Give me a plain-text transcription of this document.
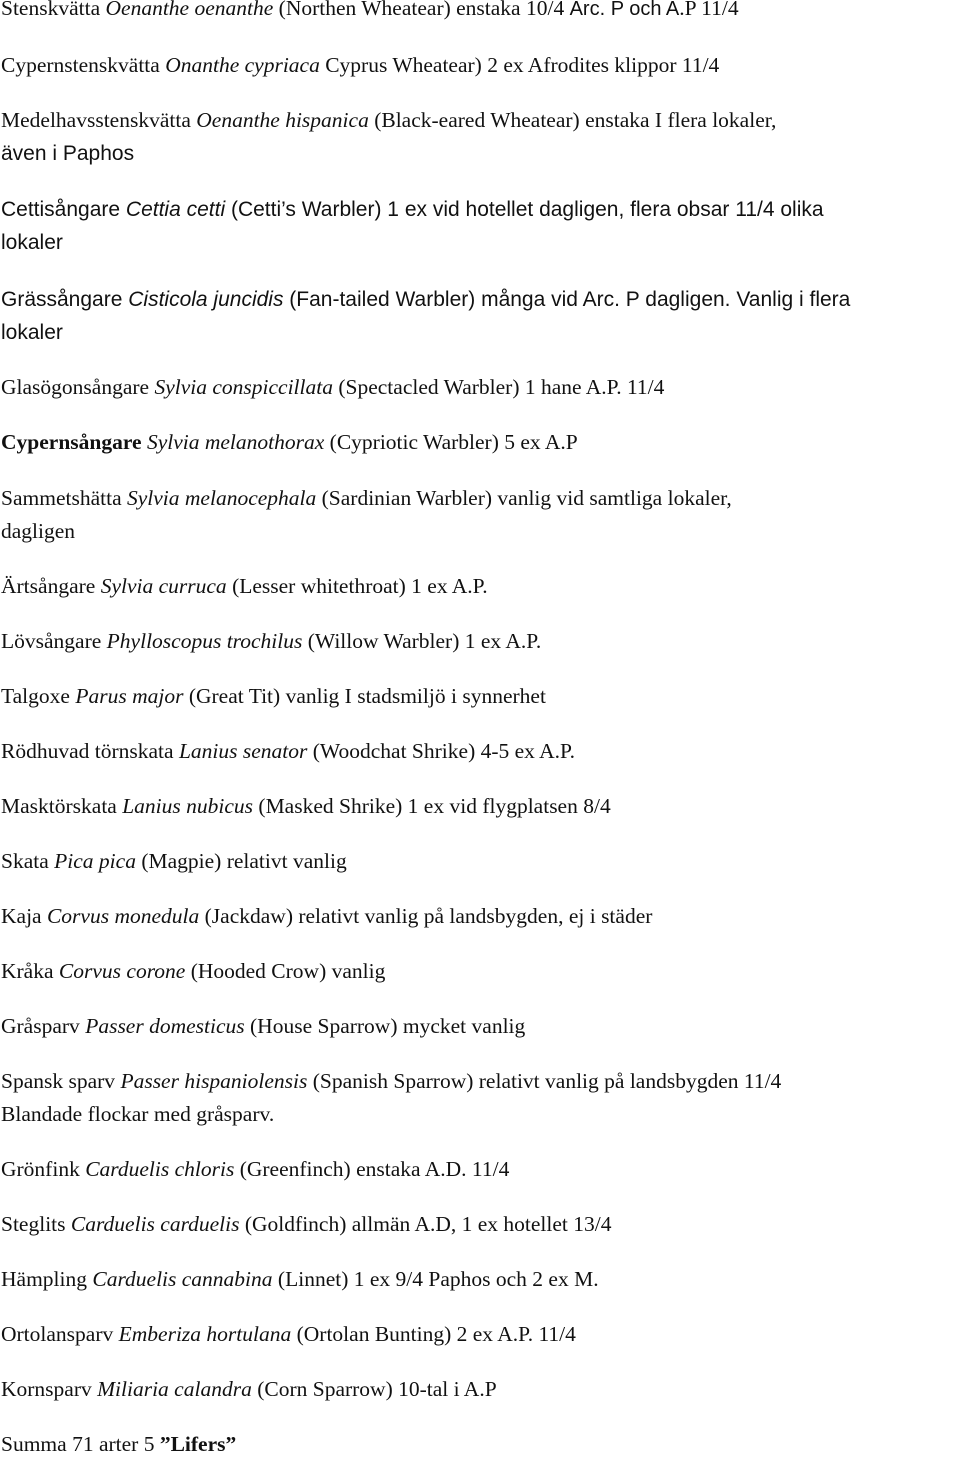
Stenskvätta Oenanthe oenanthe (Northen Wheatear) enstaka 10/4 Arc. P och A.P 11/4
Cypernstenskvätta Onanthe cypriaca Cyprus Wheatear) 2 ex Afrodites klippor 11/4
Medelhavsstenskvätta Oenanthe hispanica (Black-eared Wheatear) enstaka I flera lokaler,
även i Paphos
Cettisångare Cettia cetti (Cetti’s Warbler) 1 ex vid hotellet dagligen, flera obsar 11/4 olika
lokaler
Grässångare Cisticola juncidis (Fan-tailed Warbler) många vid Arc. P dagligen. Vanlig i flera
lokaler
Glasögonsångare Sylvia conspiccillata (Spectacled Warbler) 1 hane A.P. 11/4
Cypernsångare Sylvia melanothorax (Cypriotic Warbler) 5 ex A.P
Sammetshätta Sylvia melanocephala (Sardinian Warbler) vanlig vid samtliga lokaler,
dagligen
Ärtsångare Sylvia curruca (Lesser whitethroat) 1 ex A.P.
Lövsångare Phylloscopus trochilus (Willow Warbler) 1 ex A.P.
Talgoxe Parus major (Great Tit) vanlig I stadsmiljö i synnerhet
Rödhuvad törnskata Lanius senator (Woodchat Shrike) 4-5 ex A.P.
Masktörskata Lanius nubicus (Masked Shrike) 1 ex vid flygplatsen 8/4
Skata Pica pica (Magpie) relativt vanlig
Kaja Corvus monedula (Jackdaw) relativt vanlig på landsbygden, ej i städer
Kråka Corvus corone (Hooded Crow) vanlig
Gråsparv Passer domesticus (House Sparrow) mycket vanlig
Spansk sparv Passer hispaniolensis (Spanish Sparrow) relativt vanlig på landsbygden 11/4
Blandade flockar med gråsparv.
Grönfink Carduelis chloris (Greenfinch) enstaka A.D. 11/4
Steglits Carduelis carduelis (Goldfinch) allmän A.D, 1 ex hotellet 13/4
Hämpling Carduelis cannabina (Linnet) 1 ex 9/4 Paphos och 2 ex M.
Ortolansparv Emberiza hortulana (Ortolan Bunting) 2 ex A.P. 11/4
Kornsparv Miliaria calandra (Corn Sparrow) 10-tal i A.P
Summa 71 arter 5 ”Lifers”
